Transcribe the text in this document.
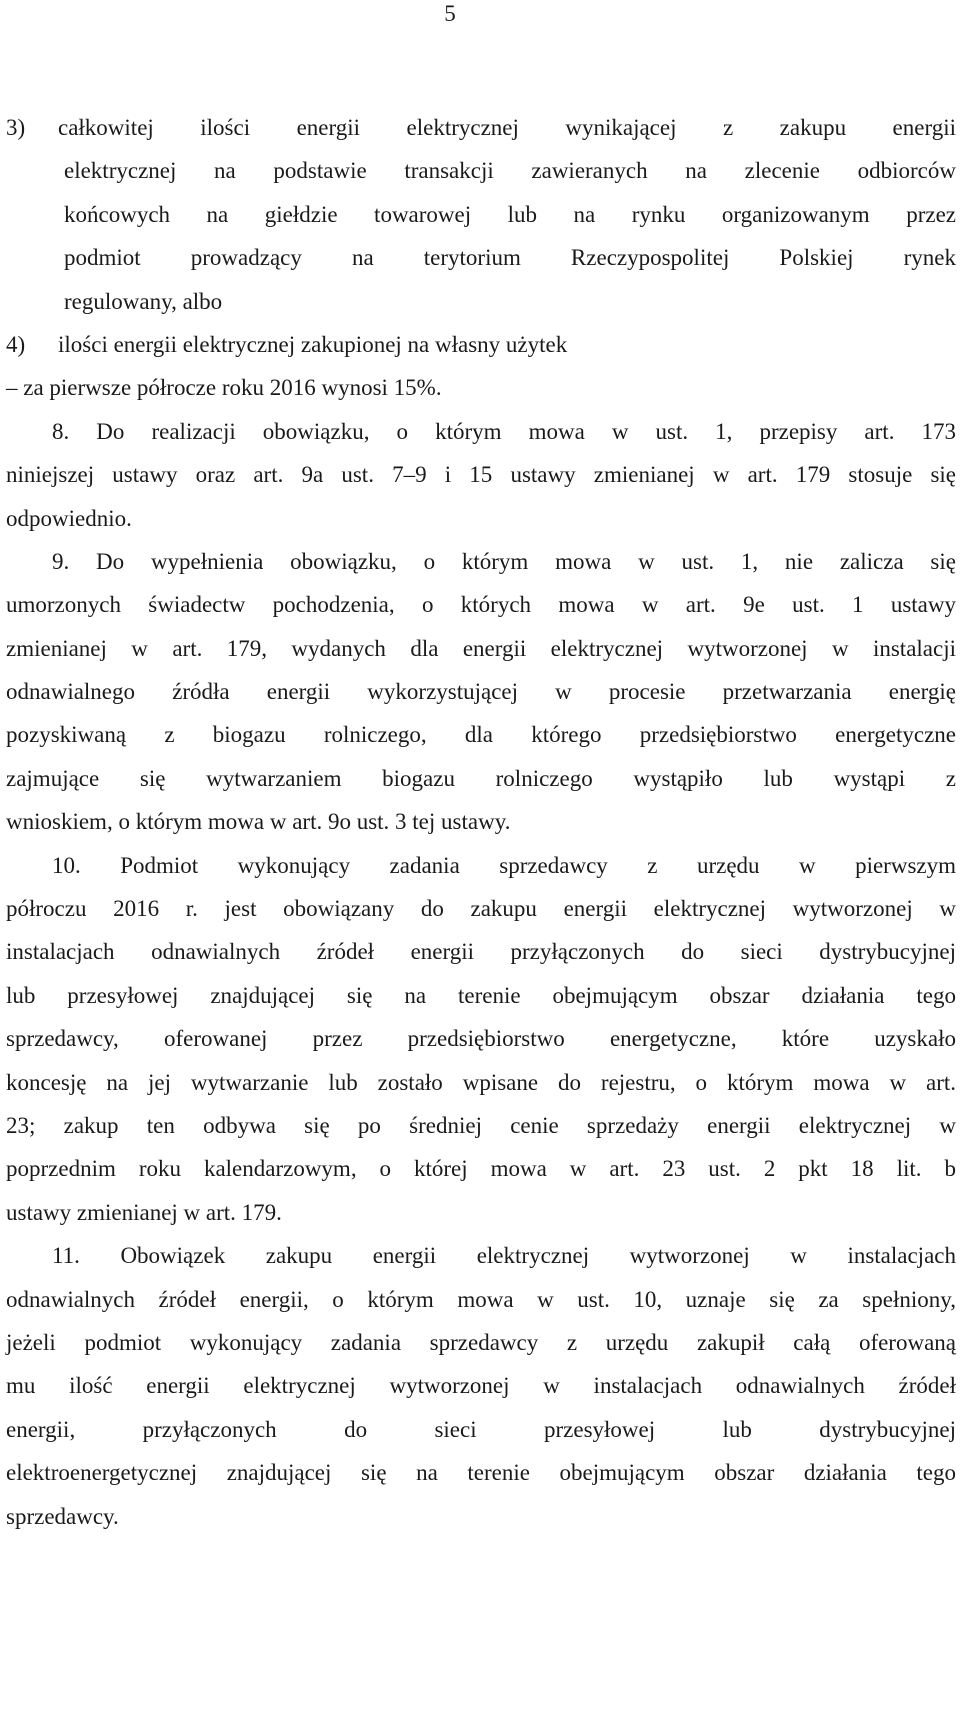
5
3) całkowitej ilości energii elektrycznej wynikającej z zakupu energii
elektrycznej na podstawie transakcji zawieranych na zlecenie odbiorców
końcowych na giełdzie towarowej lub na rynku organizowanym przez
podmiot prowadzący na terytorium Rzeczypospolitej Polskiej rynek
regulowany, albo
4) ilości energii elektrycznej zakupionej na własny użytek
– za pierwsze półrocze roku 2016 wynosi 15%.
8. Do realizacji obowiązku, o którym mowa w ust. 1, przepisy art. 173
niniejszej ustawy oraz art. 9a ust. 7–9 i 15 ustawy zmienianej w art. 179 stosuje się
odpowiednio.
9. Do wypełnienia obowiązku, o którym mowa w ust. 1, nie zalicza się
umorzonych świadectw pochodzenia, o których mowa w art. 9e ust. 1 ustawy
zmienianej w art. 179, wydanych dla energii elektrycznej wytworzonej w instalacji
odnawialnego źródła energii wykorzystującej w procesie przetwarzania energię
pozyskiwaną z biogazu rolniczego, dla którego przedsiębiorstwo energetyczne
zajmujące się wytwarzaniem biogazu rolniczego wystąpiło lub wystąpi z
wnioskiem, o którym mowa w art. 9o ust. 3 tej ustawy.
10. Podmiot wykonujący zadania sprzedawcy z urzędu w pierwszym
półroczu 2016 r. jest obowiązany do zakupu energii elektrycznej wytworzonej w
instalacjach odnawialnych źródeł energii przyłączonych do sieci dystrybucyjnej
lub przesyłowej znajdującej się na terenie obejmującym obszar działania tego
sprzedawcy, oferowanej przez przedsiębiorstwo energetyczne, które uzyskało
koncesję na jej wytwarzanie lub zostało wpisane do rejestru, o którym mowa w art.
23; zakup ten odbywa się po średniej cenie sprzedaży energii elektrycznej w
poprzednim roku kalendarzowym, o której mowa w art. 23 ust. 2 pkt 18 lit. b
ustawy zmienianej w art. 179.
11. Obowiązek zakupu energii elektrycznej wytworzonej w instalacjach
odnawialnych źródeł energii, o którym mowa w ust. 10, uznaje się za spełniony,
jeżeli podmiot wykonujący zadania sprzedawcy z urzędu zakupił całą oferowaną
mu ilość energii elektrycznej wytworzonej w instalacjach odnawialnych źródeł
energii, przyłączonych do sieci przesyłowej lub dystrybucyjnej
elektroenergetycznej znajdującej się na terenie obejmującym obszar działania tego
sprzedawcy.
